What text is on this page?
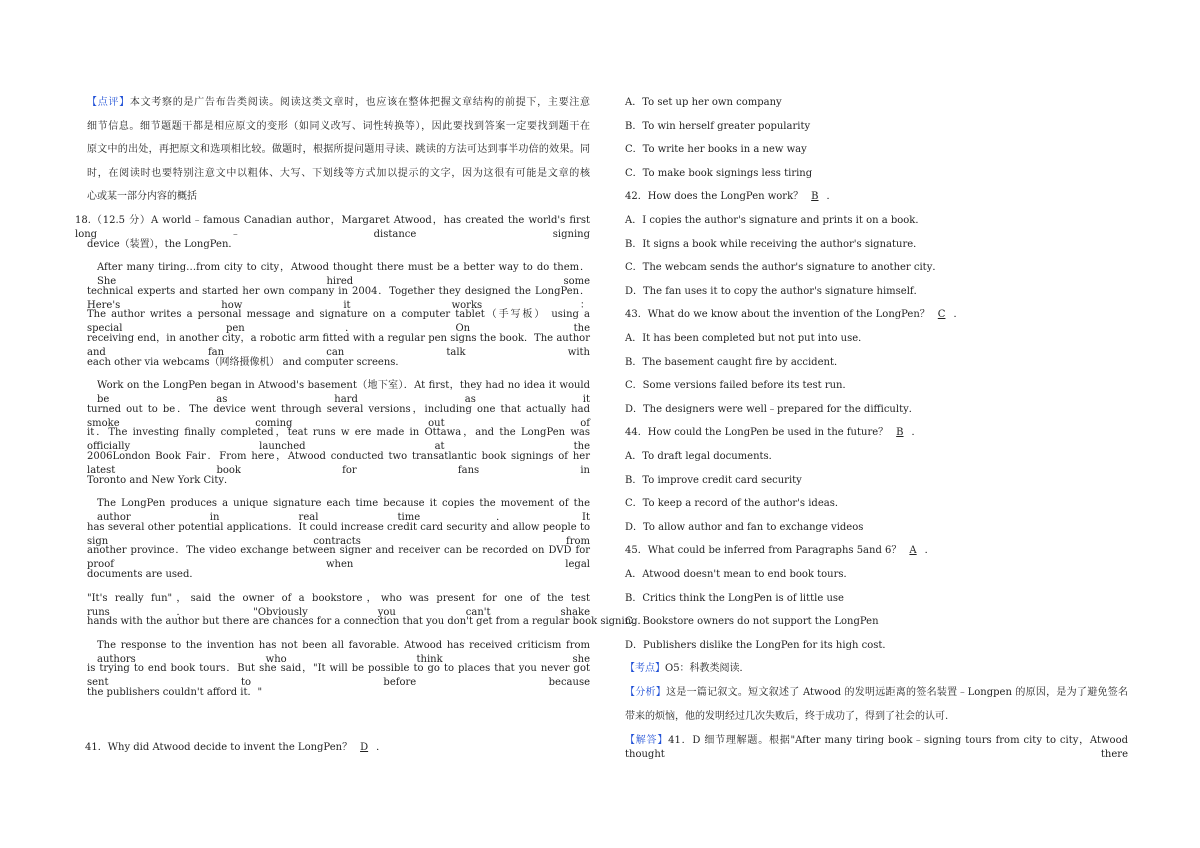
【点评】本文考察的是广告布告类阅读。阅读这类文章时，也应该在整体把握文章结构的前提下，主要注意
细节信息。细节题题干都是相应原文的变形（如同义改写、词性转换等），因此要找到答案一定要找到题干在
原文中的出处，再把原文和选项相比较。做题时，根据所提问题用寻读、跳读的方法可达到事半功倍的效果。同
时，在阅读时也要特别注意文中以粗体、大写、下划线等方式加以提示的文字，因为这很有可能是文章的核
心或某一部分内容的概括
18.（12.5 分）A world﹣famous Canadian author，Margaret Atwood，has created the world's first long﹣distance signing
device（装置），the LongPen．
After many tiring…from city to city，Atwood thought there must be a better way to do them．She hired some
technical experts and started her own company in 2004．Together they designed the LongPen．Here's how it works：
The author writes a personal message and signature on a computer tablet（手写板） using a special pen．On the
receiving end，in another city，a robotic arm fitted with a regular pen signs the book．The author and fan can talk with
each other via webcams（网络摄像机） and computer screens．
Work on the LongPen began in Atwood's basement（地下室）．At first，they had no idea it would be as hard as it
turned out to be．The device went through several versions，including one that actually had smoke coming out of
it．The investing finally completed，teat runs w ere made in Ottawa，and the LongPen was officially launched at the
2006London Book Fair．From here，Atwood conducted two transatlantic book signings of her latest book for fans in
Toronto and New York City．
The LongPen produces a unique signature each time because it copies the movement of the author in real time．It
has several other potential applications．It could increase credit card security and allow people to sign contracts from
another province．The video exchange between signer and receiver can be recorded on DVD for proof when legal
documents are used．
"It's really fun"，said the owner of a bookstore，who was present for one of the test runs．"Obviously you can't shake
hands with the author but there are chances for a connection that you don't get from a regular book signing．
The response to the invention has not been all favorable. Atwood has received criticism from authors who think she
is trying to end book tours．But she said，"It will be possible to go to places that you never got sent to before because
the publishers couldn't afford it．"
41．Why did Atwood decide to invent the LongPen？ D ．
A．To set up her own company
B．To win herself greater popularity
C．To write her books in a new way
C．To make book signings less tiring
42．How does the LongPen work？ B ．
A．I copies the author's signature and prints it on a book．
B．It signs a book while receiving the author's signature．
C．The webcam sends the author's signature to another city．
D．The fan uses it to copy the author's signature himself．
43．What do we know about the invention of the LongPen？ C ．
A．It has been completed but not put into use．
B．The basement caught fire by accident．
C．Some versions failed before its test run．
D．The designers were well﹣prepared for the difficulty．
44．How could the LongPen be used in the future？ B ．
A．To draft legal documents．
B．To improve credit card security
C．To keep a record of the author's ideas．
D．To allow author and fan to exchange videos
45．What could be inferred from Paragraphs 5and 6？ A ．
A．Atwood doesn't mean to end book tours．
B．Critics think the LongPen is of little use
C．Bookstore owners do not support the LongPen
D．Publishers dislike the LongPen for its high cost．
【考点】O5：科教类阅读．
【分析】这是一篇记叙文。短文叙述了 Atwood 的发明远距离的签名装置﹣Longpen 的原因，是为了避免签名
带来的烦恼，他的发明经过几次失败后，终于成功了，得到了社会的认可.
【解答】41．D 细节理解题。根据"After many tiring book﹣signing tours from city to city，Atwood thought there
